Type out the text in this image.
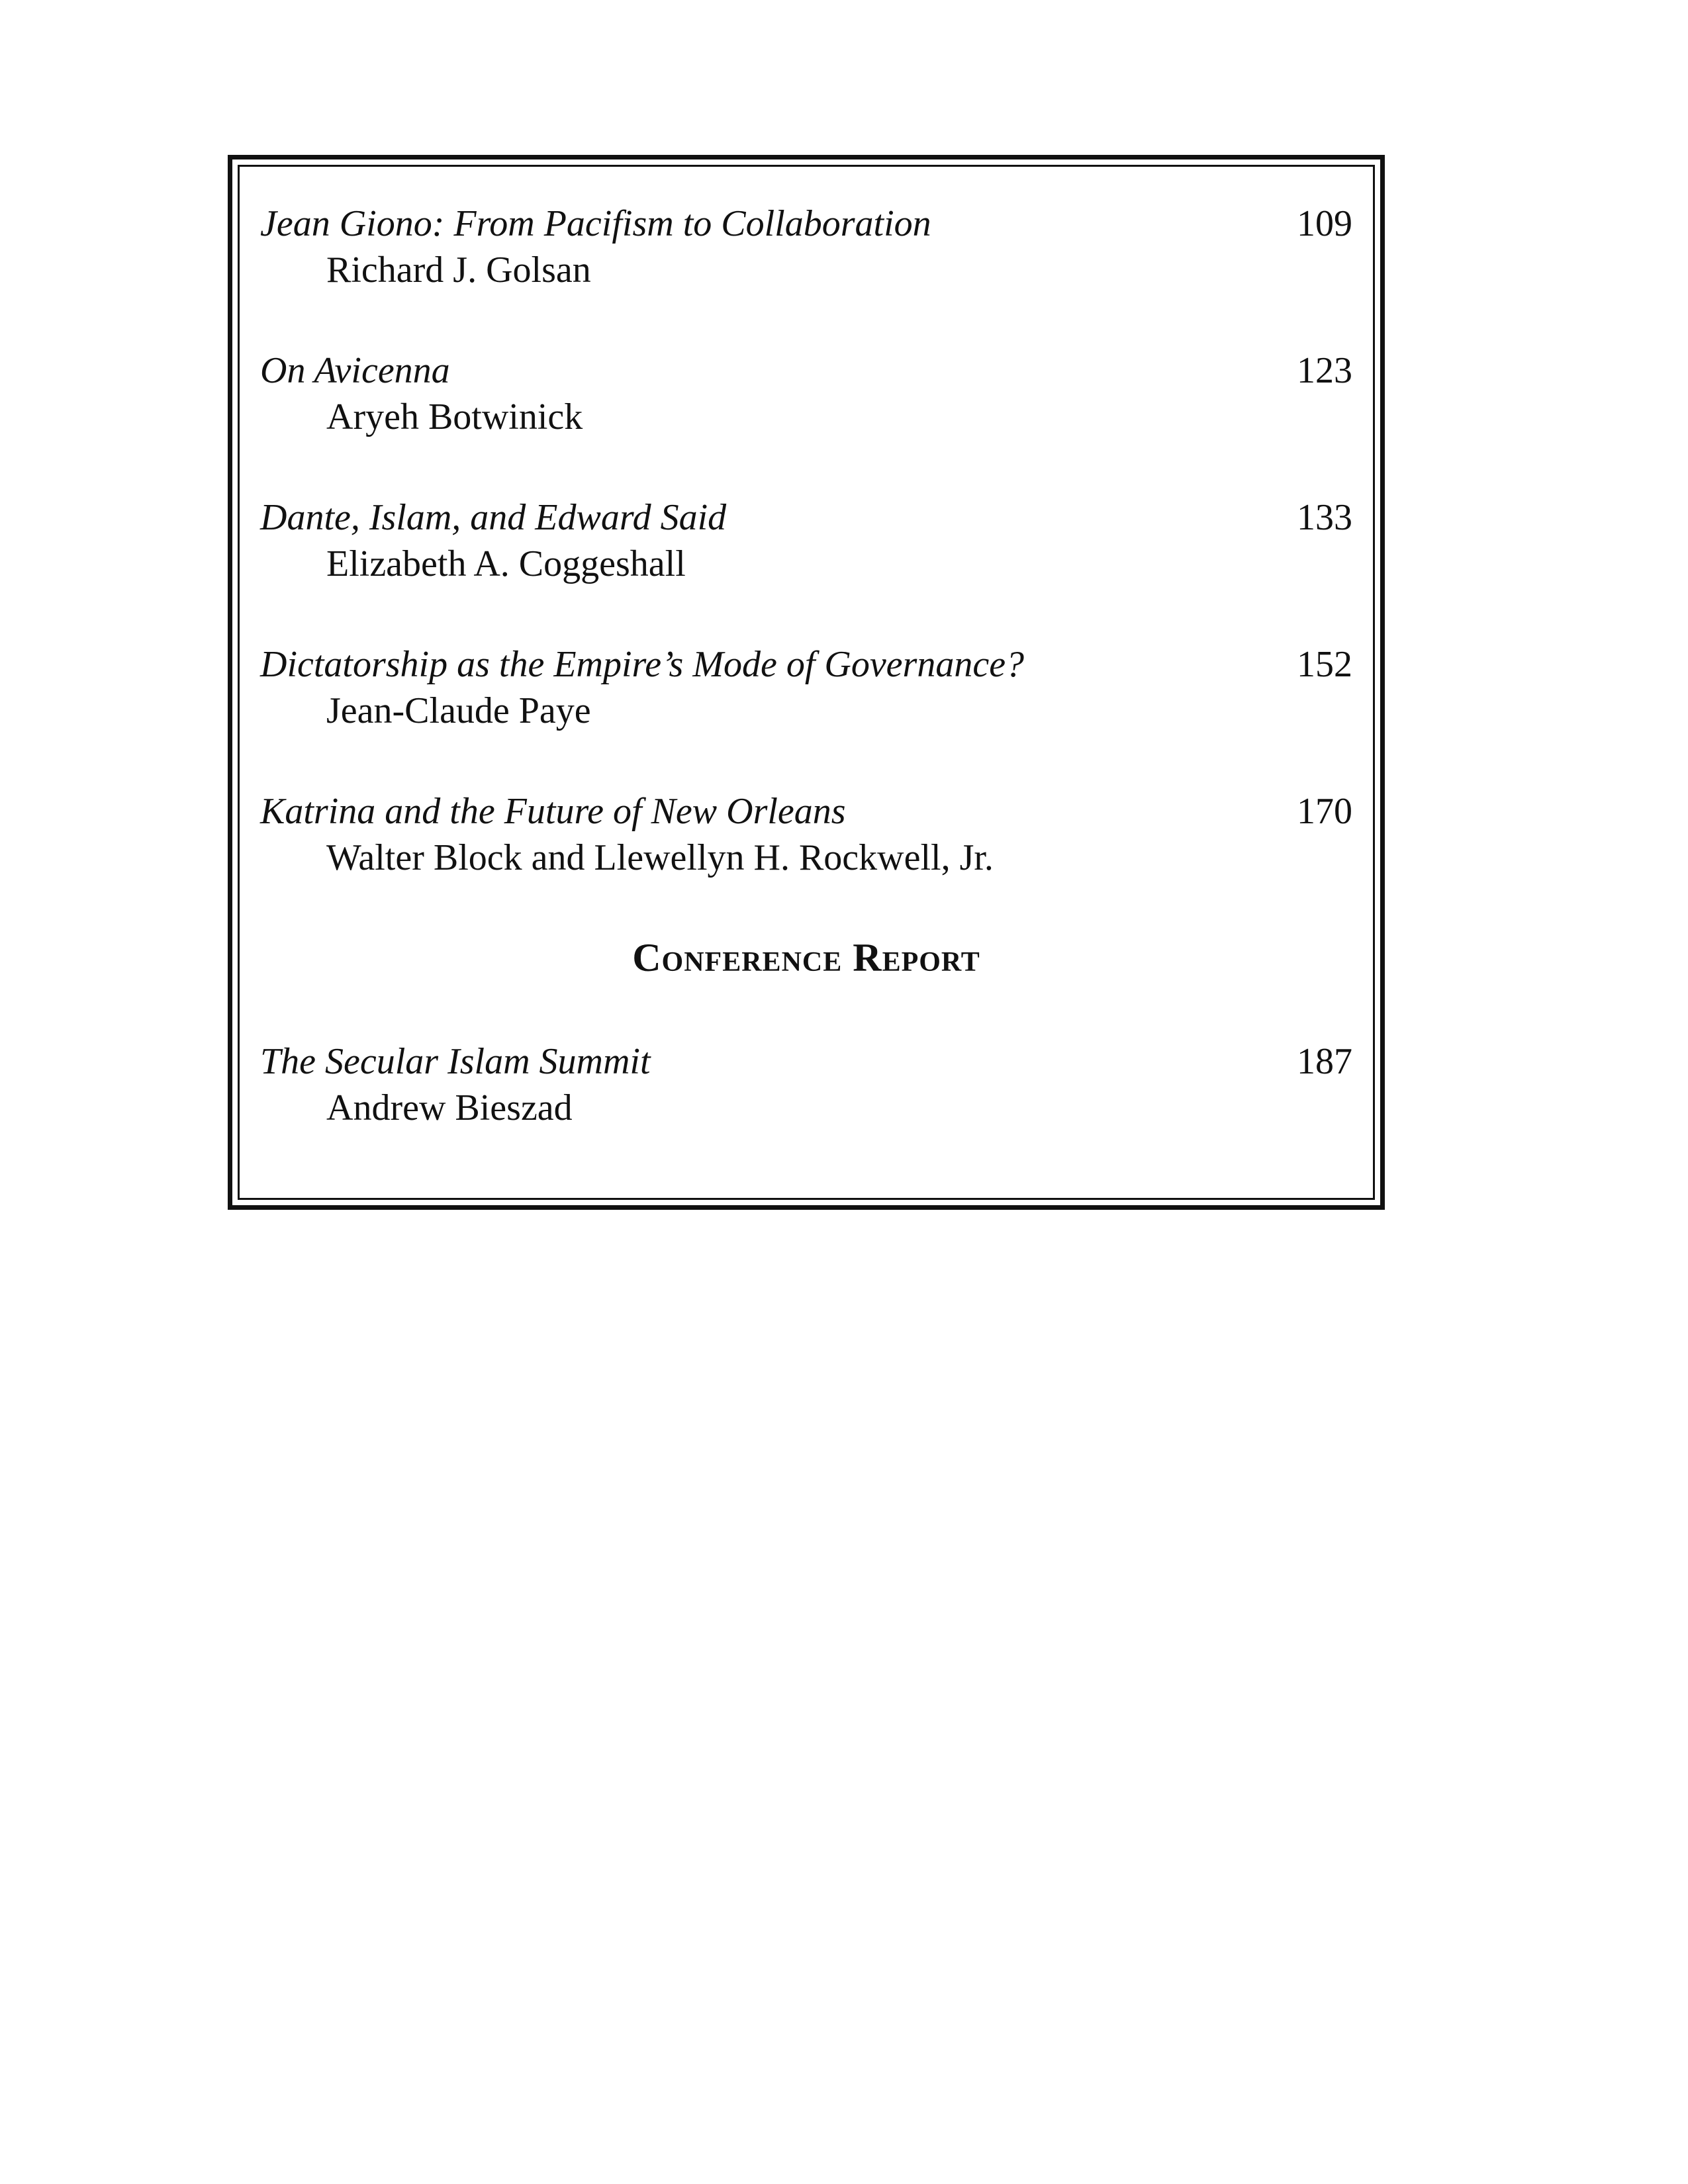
Jean Giono: From Pacifism to Collaboration	109
Richard J. Golsan
On Avicenna	123
Aryeh Botwinick
Dante, Islam, and Edward Said	133
Elizabeth A. Coggeshall
Dictatorship as the Empire’s Mode of Governance?	152
Jean-Claude Paye
Katrina and the Future of New Orleans	170
Walter Block and Llewellyn H. Rockwell, Jr.
Conference Report
The Secular Islam Summit	187
Andrew Bieszad
